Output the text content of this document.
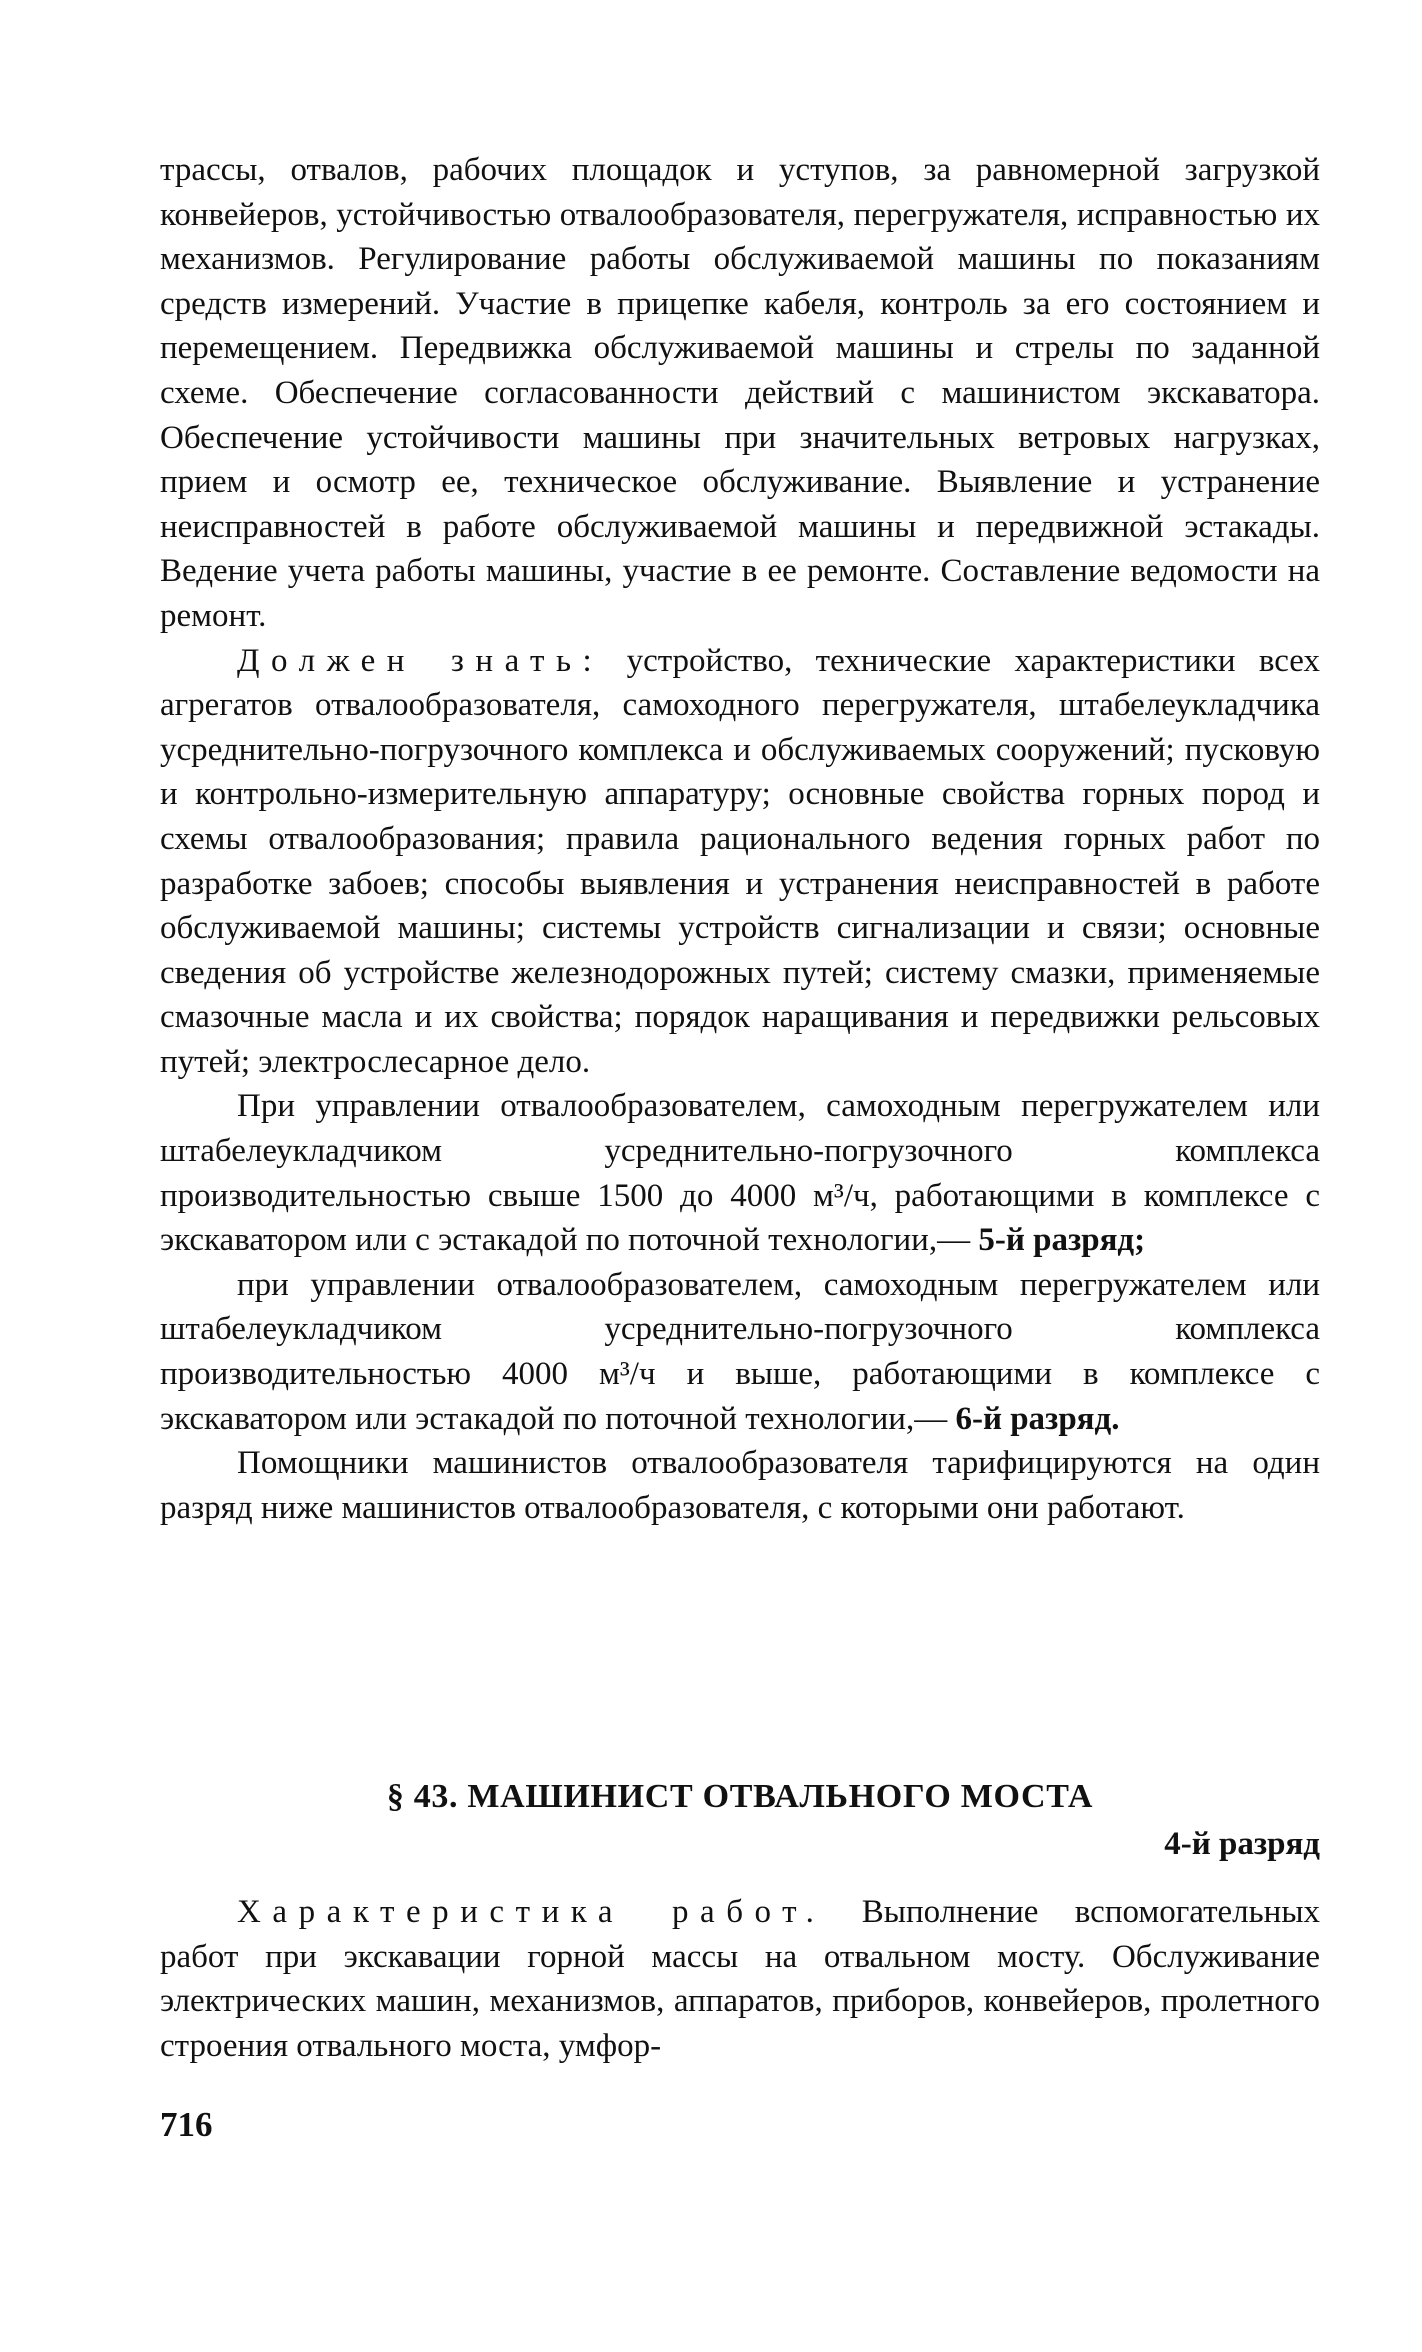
трассы, отвалов, рабочих площадок и уступов, за равномерной загрузкой конвейеров, устойчивостью отвалообразователя, перегружателя, исправностью их механизмов. Регулирование работы обслуживаемой машины по показаниям средств измерений. Участие в прицепке кабеля, контроль за его состоянием и перемещением. Передвижка обслуживаемой машины и стрелы по заданной схеме. Обеспечение согласованности действий с машинистом экскаватора. Обеспечение устойчивости машины при значительных ветровых нагрузках, прием и осмотр ее, техническое обслуживание. Выявление и устранение неисправностей в работе обслуживаемой машины и передвижной эстакады. Ведение учета работы машины, участие в ее ремонте. Составление ведомости на ремонт.

Должен знать: устройство, технические характеристики всех агрегатов отвалообразователя, самоходного перегружателя, штабелеукладчика усреднительно-погрузочного комплекса и обслуживаемых сооружений; пусковую и контрольно-измерительную аппаратуру; основные свойства горных пород и схемы отвалообразования; правила рационального ведения горных работ по разработке забоев; способы выявления и устранения неисправностей в работе обслуживаемой машины; системы устройств сигнализации и связи; основные сведения об устройстве железнодорожных путей; систему смазки, применяемые смазочные масла и их свойства; порядок наращивания и передвижки рельсовых путей; электрослесарное дело.

При управлении отвалообразователем, самоходным перегружателем или штабелеукладчиком усреднительно-погрузочного комплекса производительностью свыше 1500 до 4000 м³/ч, работающими в комплексе с экскаватором или с эстакадой по поточной технологии,— 5-й разряд;

при управлении отвалообразователем, самоходным перегружателем или штабелеукладчиком усреднительно-погрузочного комплекса производительностью 4000 м³/ч и выше, работающими в комплексе с экскаватором или эстакадой по поточной технологии,— 6-й разряд.

Помощники машинистов отвалообразователя тарифицируются на один разряд ниже машинистов отвалообразователя, с которыми они работают.

§ 43. МАШИНИСТ ОТВАЛЬНОГО МОСТА
4-й разряд

Характеристика работ. Выполнение вспомогательных работ при экскавации горной массы на отвальном мосту. Обслуживание электрических машин, механизмов, аппаратов, приборов, конвейеров, пролетного строения отвального моста, умфор-

716
